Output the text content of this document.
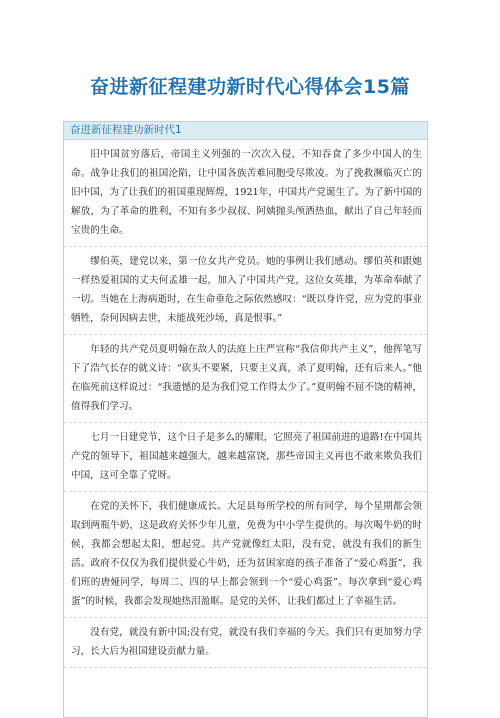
奋进新征程建功新时代心得体会15篇
奋进新征程建功新时代1
旧中国贫穷落后，帝国主义列强的一次次入侵，不知吞食了多少中国人的生命。战争让我们的祖国沦陷，让中国各族苦难同胞受尽欺凌。为了挽救濒临灭亡的旧中国，为了让我们的祖国重现辉煌，1921年，中国共产党诞生了。为了新中国的解放，为了革命的胜利，不知有多少叔叔、阿姨抛头颅洒热血，献出了自己年轻而宝贵的生命。
缪伯英，建党以来，第一位女共产党员。她的事例让我们感动。缪伯英和跟她一样热爱祖国的丈夫何孟雄一起，加入了中国共产党，这位女英雄，为革命奉献了一切。当她在上海病逝时，在生命垂危之际依然感叹：“既以身许党，应为党的事业牺牲，奈何因病去世，未能战死沙场，真是恨事。”
年轻的共产党员夏明翰在敌人的法庭上庄严宣称“我信仰共产主义”，他挥笔写下了浩气长存的就义诗：“砍头不要紧，只要主义真，杀了夏明翰，还有后来人。”他在临死前这样说过：“我遗憾的是为我们党工作得太少了。”夏明翰不屈不饶的精神，值得我们学习。
七月一日建党节，这个日子是多么的耀眼，它照亮了祖国前进的道路!在中国共产党的领导下，祖国越来越强大，越来越富饶，那些帝国主义再也不敢来欺负我们中国，这可全靠了党呀。
在党的关怀下，我们健康成长。大足县每所学校的所有同学，每个星期都会领取到两瓶牛奶，这是政府关怀少年儿童，免费为中小学生提供的。每次喝牛奶的时候，我都会想起太阳，想起党。共产党就像红太阳，没有党，就没有我们的新生活。政府不仅仅为我们提供爱心牛奶，还为贫困家庭的孩子准备了“爱心鸡蛋”，我们班的唐娅同学，每周二、四的早上都会领到一个“爱心鸡蛋”。每次拿到“爱心鸡蛋”的时候，我都会发现她热泪盈眶。是党的关怀，让我们都过上了幸福生活。
没有党，就没有新中国;没有党，就没有我们幸福的今天。我们只有更加努力学习，长大后为祖国建设贡献力量。
